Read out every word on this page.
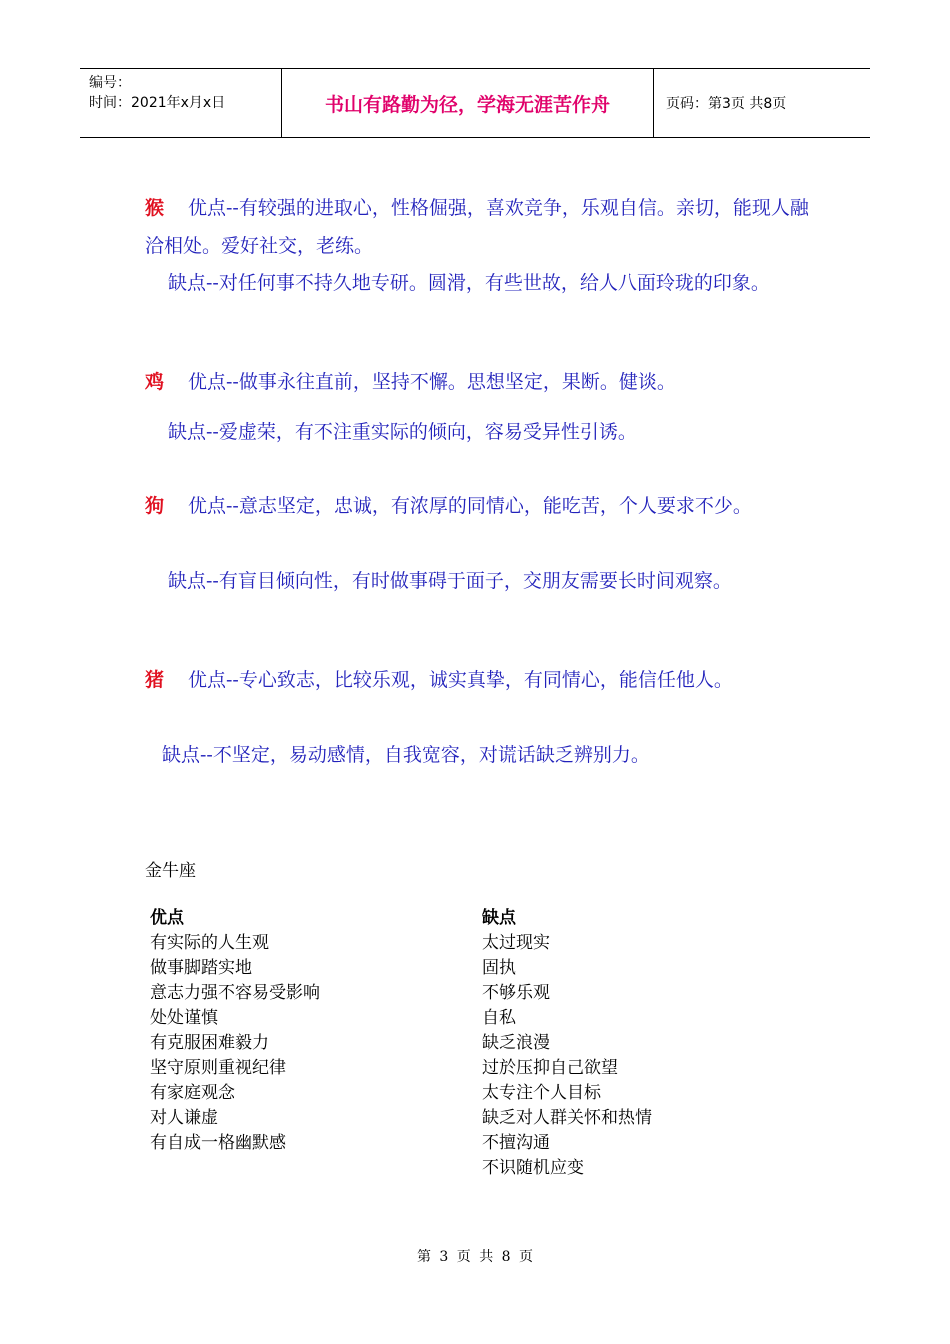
编号：
时间：2021年x月x日	书山有路勤为径，学海无涯苦作舟	页码：第3页 共8页
猴 优点--有较强的进取心，性格倔强，喜欢竞争，乐观自信。亲切，能现人融洽相处。爱好社交，老练。
缺点--对任何事不持久地专研。圆滑，有些世故，给人八面玲珑的印象。
鸡 优点--做事永往直前，坚持不懈。思想坚定，果断。健谈。
缺点--爱虚荣，有不注重实际的倾向，容易受异性引诱。
狗 优点--意志坚定，忠诚，有浓厚的同情心，能吃苦，个人要求不少。
缺点--有盲目倾向性，有时做事碍于面子，交朋友需要长时间观察。
猪 优点--专心致志，比较乐观，诚实真挚，有同情心，能信任他人。
缺点--不坚定，易动感情，自我宽容，对谎话缺乏辨别力。
金牛座
优点
有实际的人生观
做事脚踏实地
意志力强不容易受影响
处处谨慎
有克服困难毅力
坚守原则重视纪律
有家庭观念
对人谦虚
有自成一格幽默感
缺点
太过现实
固执
不够乐观
自私
缺乏浪漫
过於压抑自己欲望
太专注个人目标
缺乏对人群关怀和热情
不擅沟通
不识随机应变
第 3 页 共 8 页
